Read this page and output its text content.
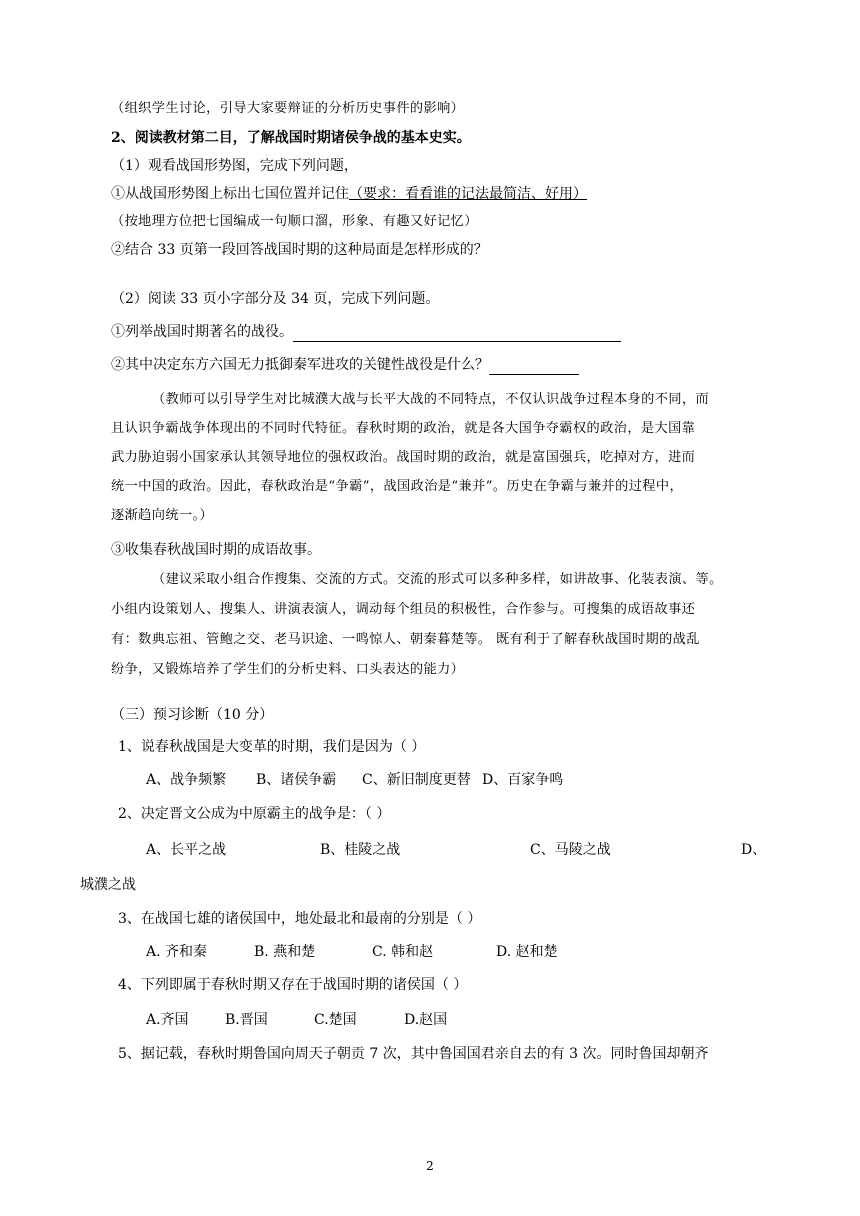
（组织学生讨论，引导大家要辩证的分析历史事件的影响）
2、阅读教材第二目，了解战国时期诸侯争战的基本史实。
（1）观看战国形势图，完成下列问题，
①从战国形势图上标出七国位置并记住（要求：看看谁的记法最简洁、好用）
（按地理方位把七国编成一句顺口溜，形象、有趣又好记忆）
②结合 33 页第一段回答战国时期的这种局面是怎样形成的？
（2）阅读 33 页小字部分及 34 页，完成下列问题。
①列举战国时期著名的战役。
②其中决定东方六国无力抵御秦军进攻的关键性战役是什么？
（教师可以引导学生对比城濮大战与长平大战的不同特点，不仅认识战争过程本身的不同，而
且认识争霸战争体现出的不同时代特征。春秋时期的政治，就是各大国争夺霸权的政治，是大国靠
武力胁迫弱小国家承认其领导地位的强权政治。战国时期的政治，就是富国强兵，吃掉对方，进而
统一中国的政治。因此，春秋政治是“争霸”，战国政治是“兼并”。历史在争霸与兼并的过程中，
逐渐趋向统一。）
③收集春秋战国时期的成语故事。
（建议采取小组合作搜集、交流的方式。交流的形式可以多种多样，如讲故事、化装表演、等。
小组内设策划人、搜集人、讲演表演人，调动每个组员的积极性，合作参与。可搜集的成语故事还
有：数典忘祖、管鲍之交、老马识途、一鸣惊人、朝秦暮楚等。 既有利于了解春秋战国时期的战乱
纷争，又锻炼培养了学生们的分析史料、口头表达的能力）
（三）预习诊断（10 分）
1、说春秋战国是大变革的时期，我们是因为（ ）
A、战争频繁 B、诸侯争霸 C、新旧制度更替 D、百家争鸣
2、决定晋文公成为中原霸主的战争是：（ ）
A、长平之战	B、桂陵之战	C、马陵之战	D、
城濮之战
3、在战国七雄的诸侯国中，地处最北和最南的分别是（ ）
A. 齐和秦	B. 燕和楚	C. 韩和赵	D. 赵和楚
4、下列即属于春秋时期又存在于战国时期的诸侯国（ ）
A.齐国	B.晋国	C.楚国	D.赵国
5、据记载，春秋时期鲁国向周天子朝贡 7 次，其中鲁国国君亲自去的有 3 次。同时鲁国却朝齐
2
